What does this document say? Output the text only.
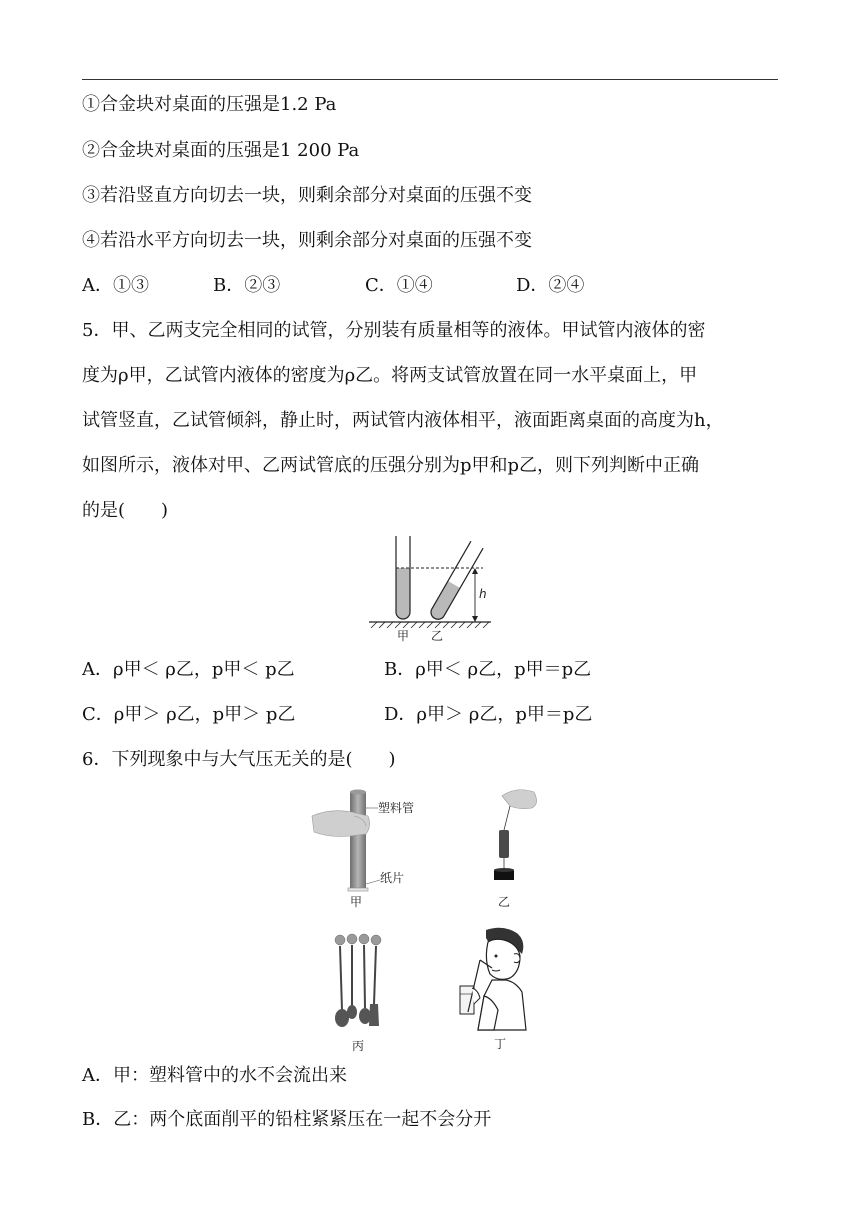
①合金块对桌面的压强是1.2 Pa
②合金块对桌面的压强是1 200 Pa
③若沿竖直方向切去一块，则剩余部分对桌面的压强不变
④若沿水平方向切去一块，则剩余部分对桌面的压强不变
A．①③	B．②③	C．①④	D．②④
5．甲、乙两支完全相同的试管，分别装有质量相等的液体。甲试管内液体的密
度为ρ甲，乙试管内液体的密度为ρ乙。将两支试管放置在同一水平桌面上，甲
试管竖直，乙试管倾斜，静止时，两试管内液体相平，液面距离桌面的高度为h，
如图所示，液体对甲、乙两试管底的压强分别为p甲和p乙，则下列判断中正确
的是(　　)
h
甲 乙
A．ρ甲＜ ρ乙，p甲＜ p乙	B．ρ甲＜ ρ乙，p甲＝p乙
C．ρ甲＞ ρ乙，p甲＞ p乙	D．ρ甲＞ ρ乙，p甲＝p乙
6．下列现象中与大气压无关的是(　　)
塑料管
纸片
甲	乙
丙	丁
A．甲：塑料管中的水不会流出来
B．乙：两个底面削平的铅柱紧紧压在一起不会分开
